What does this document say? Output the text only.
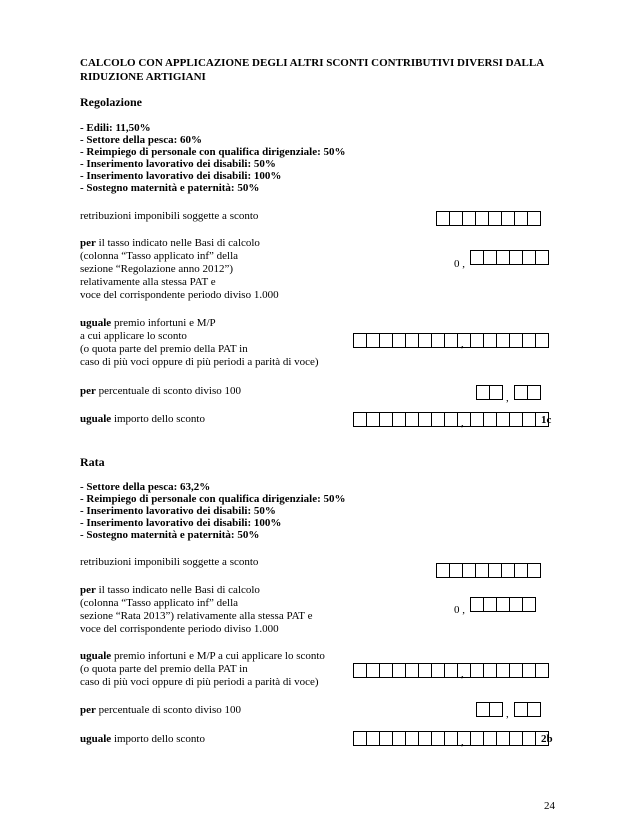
CALCOLO CON APPLICAZIONE DEGLI ALTRI SCONTI CONTRIBUTIVI DIVERSI DALLA
RIDUZIONE ARTIGIANI
Regolazione
- Edili: 11,50%
- Settore della pesca: 60%
- Reimpiego di personale con qualifica dirigenziale: 50%
- Inserimento lavorativo dei disabili: 50%
- Inserimento lavorativo dei disabili: 100%
- Sostegno maternità e paternità: 50%
retribuzioni imponibili soggette a sconto
per il tasso indicato nelle Basi di calcolo
(colonna “Tasso applicato inf” della
sezione “Regolazione anno 2012”)
relativamente alla stessa PAT e
voce del corrispondente periodo diviso 1.000
0 ,
uguale premio infortuni e M/P
a cui applicare lo sconto
(o quota parte del premio della PAT in
caso di più voci oppure di più periodi a parità di voce)
,
per percentuale di sconto diviso 100
,
uguale importo dello sconto	,	1c
Rata
- Settore della pesca: 63,2%
- Reimpiego di personale con qualifica dirigenziale: 50%
- Inserimento lavorativo dei disabili: 50%
- Inserimento lavorativo dei disabili: 100%
- Sostegno maternità e paternità: 50%
retribuzioni imponibili soggette a sconto
per il tasso indicato nelle Basi di calcolo
(colonna “Tasso applicato inf” della
sezione “Rata 2013”) relativamente alla stessa PAT e
voce del corrispondente periodo diviso 1.000
0 ,
uguale premio infortuni e M/P a cui applicare lo sconto
(o quota parte del premio della PAT in
caso di più voci oppure di più periodi a parità di voce)
,
per percentuale di sconto diviso 100	,
uguale importo dello sconto	,	2b
24
